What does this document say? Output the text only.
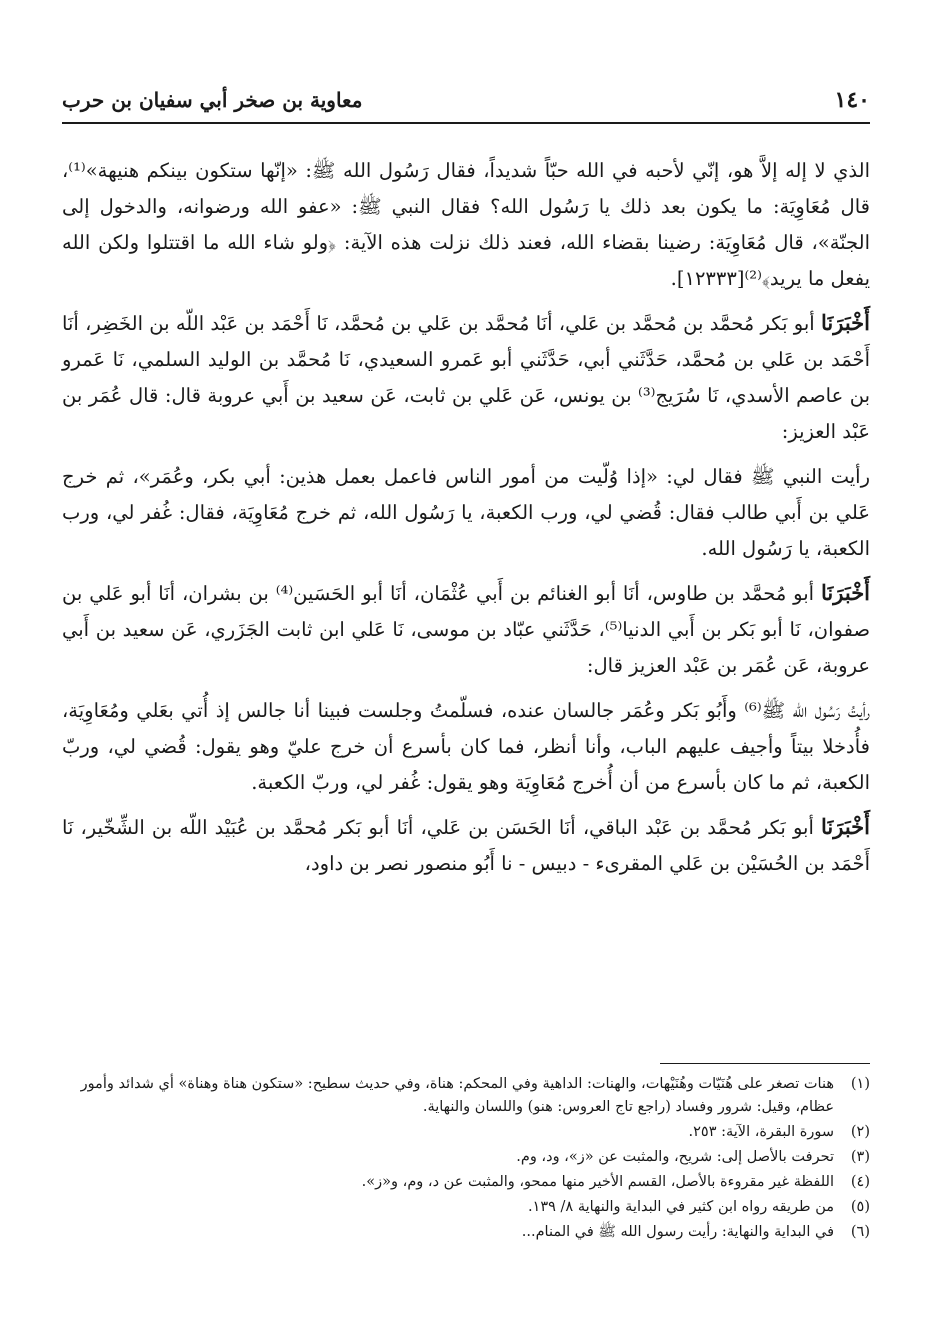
١٤٠
معاوية بن صخر أبي سفيان بن حرب

الذي لا إله إلاَّ هو، إنّي لأحبه في الله حبّاً شديداً، فقال رَسُول الله ﷺ: «إنّها ستكون بينكم هنيهة»⁽¹⁾، قال مُعَاوِيَة: ما يكون بعد ذلك يا رَسُول الله؟ فقال النبي ﷺ: «عفو الله ورضوانه، والدخول إلى الجنّة»، قال مُعَاوِيَة: رضينا بقضاء الله، فعند ذلك نزلت هذه الآية: ﴿ولو شاء الله ما اقتتلوا ولكن الله يفعل ما يريد﴾⁽²⁾[١٢٣٣٣].

أَخْبَرَنَا أبو بَكر مُحمَّد بن مُحمَّد بن عَلي، أنَا مُحمَّد بن عَلي بن مُحمَّد، نَا أَحْمَد بن عَبْد اللّه بن الخَضِر، أنَا أَحْمَد بن عَلي بن مُحمَّد، حَدَّثَني أبي، حَدَّثَني أبو عَمرو السعيدي، نَا مُحمَّد بن الوليد السلمي، نَا عَمرو بن عاصم الأسدي، نَا سُرَيج⁽³⁾ بن يونس، عَن عَلي بن ثابت، عَن سعيد بن أَبي عروبة قال: قال عُمَر بن عَبْد العزيز:

رأيت النبي ﷺ فقال لي: «إذا وُلّيت من أمور الناس فاعمل بعمل هذين: أبي بكر، وعُمَر»، ثم خرج عَلي بن أَبي طالب فقال: قُضي لي، ورب الكعبة، يا رَسُول الله، ثم خرج مُعَاوِيَة، فقال: غُفر لي، ورب الكعبة، يا رَسُول الله.

أَخْبَرَنَا أبو مُحمَّد بن طاوس، أنَا أبو الغنائم بن أَبي عُثْمَان، أنَا أبو الحَسَين⁽⁴⁾ بن بشران، أنَا أبو عَلي بن صفوان، نَا أبو بَكر بن أَبي الدنيا⁽⁵⁾، حَدَّثَني عبّاد بن موسى، نَا عَلي ابن ثابت الجَزَري، عَن سعيد بن أَبي عروبة، عَن عُمَر بن عَبْد العزيز قال:

رأيتُ رَسُول الله ﷺ⁽⁶⁾ وأَبُو بَكر وعُمَر جالسان عنده، فسلّمتُ وجلست فبينا أنا جالس إذ أُتي بعَلي ومُعَاوِيَة، فأُدخلا بيتاً وأجيف عليهم الباب، وأنا أنظر، فما كان بأسرع أن خرج عليّ وهو يقول: قُضي لي، وربّ الكعبة، ثم ما كان بأسرع من أن أُخرج مُعَاوِيَة وهو يقول: غُفر لي، وربّ الكعبة.

أَخْبَرَنَا أبو بَكر مُحمَّد بن عَبْد الباقي، أنَا الحَسَن بن عَلي، أنَا أبو بَكر مُحمَّد بن عُبَيْد اللّه بن الشِّخّير، نَا أَحْمَد بن الحُسَيْن بن عَلي المقرىء - دبيس - نا أَبُو منصور نصر بن داود،

(١)
هنات تصغر على هُنَيّات وهُنَيْهات، والهنات: الداهية وفي المحكم: هناة، وفي حديث سطيح: «ستكون هناة وهناة» أي شدائد وأمور عظام، وقيل: شرور وفساد (راجع تاج العروس: هنو) واللسان والنهاية.
(٢)
سورة البقرة، الآية: ٢٥٣.
(٣)
تحرفت بالأصل إلى: شريح، والمثبت عن «ز»، ود، وم.
(٤)
اللفظة غير مقروءة بالأصل، القسم الأخير منها ممحو، والمثبت عن د، وم، و«ز».
(٥)
من طريقه رواه ابن كثير في البداية والنهاية ٨/ ١٣٩.
(٦)
في البداية والنهاية: رأيت رسول الله ﷺ في المنام...
